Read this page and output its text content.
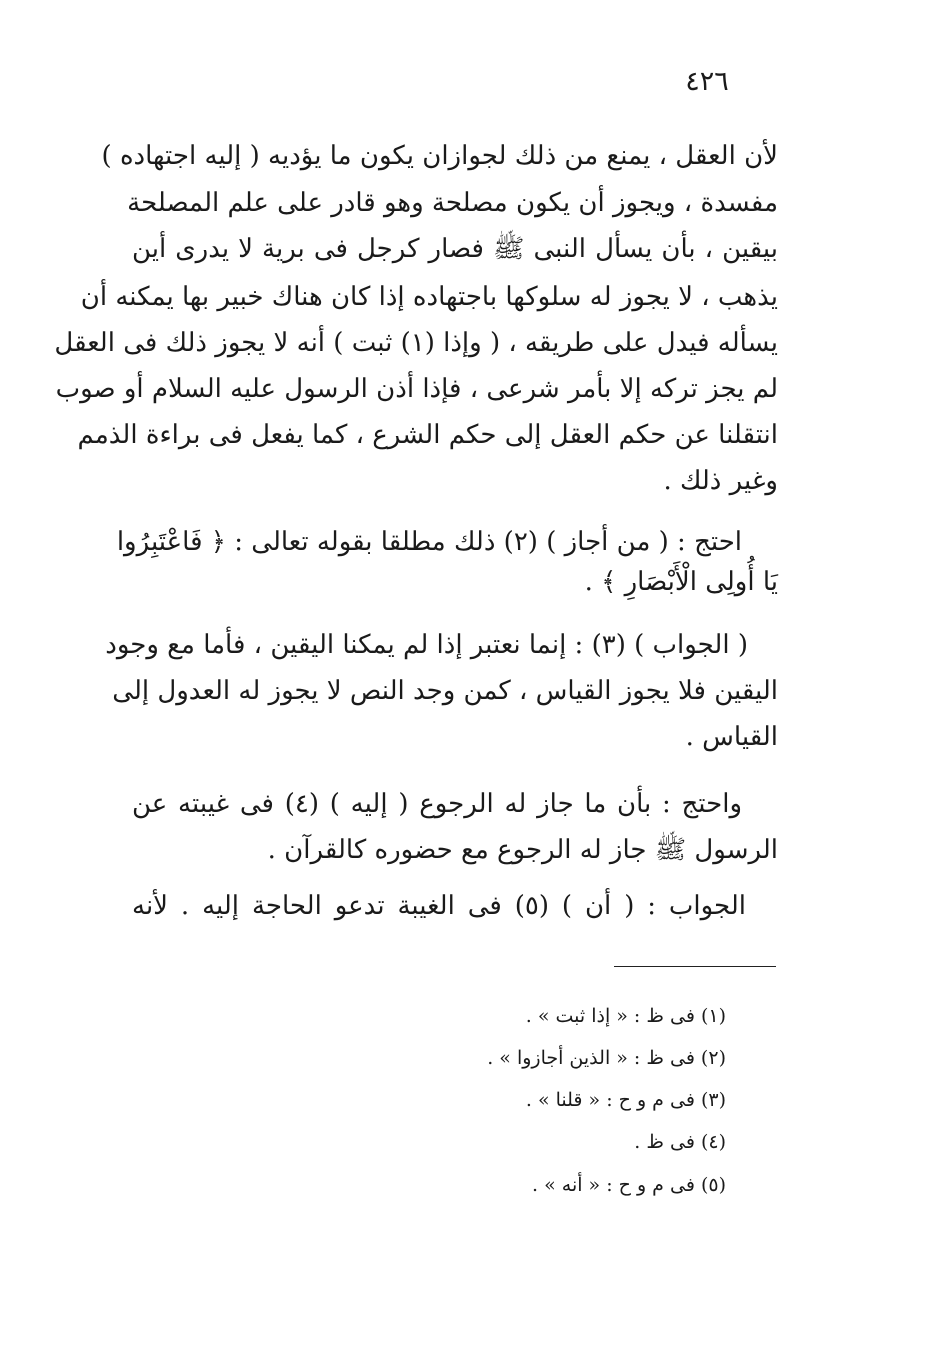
٤٢٦
لأن العقل ، يمنع من ذلك لجوازان يكون ما يؤديه ( إليه اجتهاده )
مفسدة ، ويجوز أن يكون مصلحة وهو قادر على علم المصلحة
بيقين ، بأن يسأل النبى ﷺ فصار كرجل فى برية لا يدرى أين
يذهب ، لا يجوز له سلوكها باجتهاده إذا كان هناك خبير بها يمكنه أن
يسأله فيدل على طريقه ، ( وإذا (١) ثبت ) أنه لا يجوز ذلك فى العقل
لم يجز تركه إلا بأمر شرعى ، فإذا أذن الرسول عليه السلام أو صوب
انتقلنا عن حكم العقل إلى حكم الشرع ، كما يفعل فى براءة الذمم
وغير ذلك .
احتج : ( من أجاز ) (٢) ذلك مطلقا بقوله تعالى : ﴿ فَاعْتَبِرُوا
يَا أُولِى الْأَبْصَارِ ﴾ .
( الجواب ) (٣) : إنما نعتبر إذا لم يمكنا اليقين ، فأما مع وجود
اليقين فلا يجوز القياس ، كمن وجد النص لا يجوز له العدول إلى
القياس .
واحتج : بأن ما جاز له الرجوع ( إليه ) (٤) فى غيبته عن
الرسول ﷺ جاز له الرجوع مع حضوره كالقرآن .
الجواب : ( أن ) (٥) فى الغيبة تدعو الحاجة إليه . لأنه
(١) فى ظ : « إذا ثبت » .
(٢) فى ظ : « الذين أجازوا » .
(٣) فى م و ح : « قلنا » .
(٤) فى ظ .
(٥) فى م و ح : « أنه » .
